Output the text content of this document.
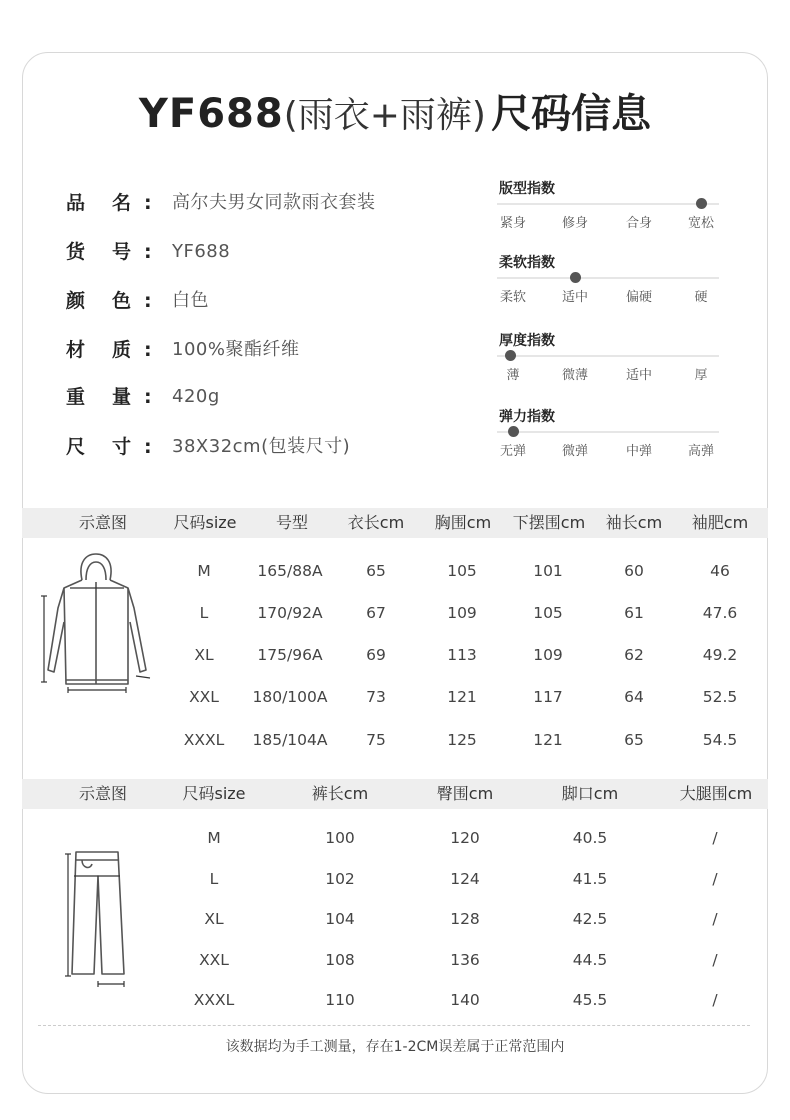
YF688(雨衣+雨裤) 尺码信息
品 名 : 高尔夫男女同款雨衣套装
货 号 : YF688
颜 色 : 白色
材 质 : 100%聚酯纤维
重 量 : 420g
尺 寸 : 38X32cm(包装尺寸)
版型指数
紧身	修身	合身	宽松
柔软指数
柔软	适中	偏硬	硬
厚度指数
薄	微薄	适中	厚
弹力指数
无弹	微弹	中弹	高弹
示意图	尺码size 号型 衣长cm 胸围cm 下摆围cm 袖长cm 袖肥cm
M	165/88A	65	105	101	60	46
L	170/92A	67	109	105	61	47.6
XL	175/96A	69	113	109	62	49.2
XXL 180/100A 73	121	117	64	52.5
XXXL 185/104A 75	125	121	65	54.5
示意图	尺码size	裤长cm	臀围cm	脚口cm	大腿围cm
M	100	120	40.5	/
L	102	124	41.5	/
XL	104	128	42.5	/
XXL	108	136	44.5	/
XXXL	110	140	45.5	/
该数据均为手工测量，存在1-2CM误差属于正常范围内
